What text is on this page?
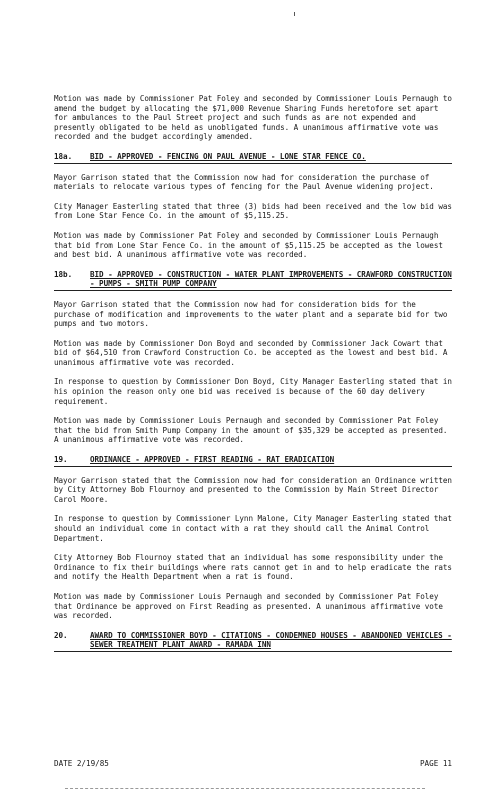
Motion was made by Commissioner Pat Foley and seconded by Commissioner Louis Pernaugh to amend the budget by allocating the $71,000 Revenue Sharing Funds heretofore set apart for ambulances to the Paul Street project and such funds as are not expended and presently obligated to be held as unobligated funds. A unanimous affirmative vote was recorded and the budget accordingly amended.

18a.	BID - APPROVED - FENCING ON PAUL AVENUE - LONE STAR FENCE CO.

Mayor Garrison stated that the Commission now had for consideration the purchase of materials to relocate various types of fencing for the Paul Avenue widening project.

City Manager Easterling stated that three (3) bids had been received and the low bid was from Lone Star Fence Co. in the amount of $5,115.25.

Motion was made by Commissioner Pat Foley and seconded by Commissioner Louis Pernaugh that bid from Lone Star Fence Co. in the amount of $5,115.25 be accepted as the lowest and best bid. A unanimous affirmative vote was recorded.

18b.	BID - APPROVED - CONSTRUCTION - WATER PLANT IMPROVEMENTS - CRAWFORD CONSTRUCTION - PUMPS - SMITH PUMP COMPANY

Mayor Garrison stated that the Commission now had for consideration bids for the purchase of modification and improvements to the water plant and a separate bid for two pumps and two motors.

Motion was made by Commissioner Don Boyd and seconded by Commissioner Jack Cowart that bid of $64,510 from Crawford Construction Co. be accepted as the lowest and best bid. A unanimous affirmative vote was recorded.

In response to question by Commissioner Don Boyd, City Manager Easterling stated that in his opinion the reason only one bid was received is because of the 60 day delivery requirement.

Motion was made by Commissioner Louis Pernaugh and seconded by Commissioner Pat Foley that the bid from Smith Pump Company in the amount of $35,329 be accepted as presented. A unanimous affirmative vote was recorded.

19.	ORDINANCE - APPROVED - FIRST READING - RAT ERADICATION

Mayor Garrison stated that the Commission now had for consideration an Ordinance written by City Attorney Bob Flournoy and presented to the Commission by Main Street Director Carol Moore.

In response to question by Commissioner Lynn Malone, City Manager Easterling stated that should an individual come in contact with a rat they should call the Animal Control Department.

City Attorney Bob Flournoy stated that an individual has some responsibility under the Ordinance to fix their buildings where rats cannot get in and to help eradicate the rats and notify the Health Department when a rat is found.

Motion was made by Commissioner Louis Pernaugh and seconded by Commissioner Pat Foley that Ordinance be approved on First Reading as presented. A unanimous affirmative vote was recorded.

20.	AWARD TO COMMISSIONER BOYD - CITATIONS - CONDEMNED HOUSES - ABANDONED VEHICLES - SEWER TREATMENT PLANT AWARD - RAMADA INN
DATE 2/19/85	PAGE 11
